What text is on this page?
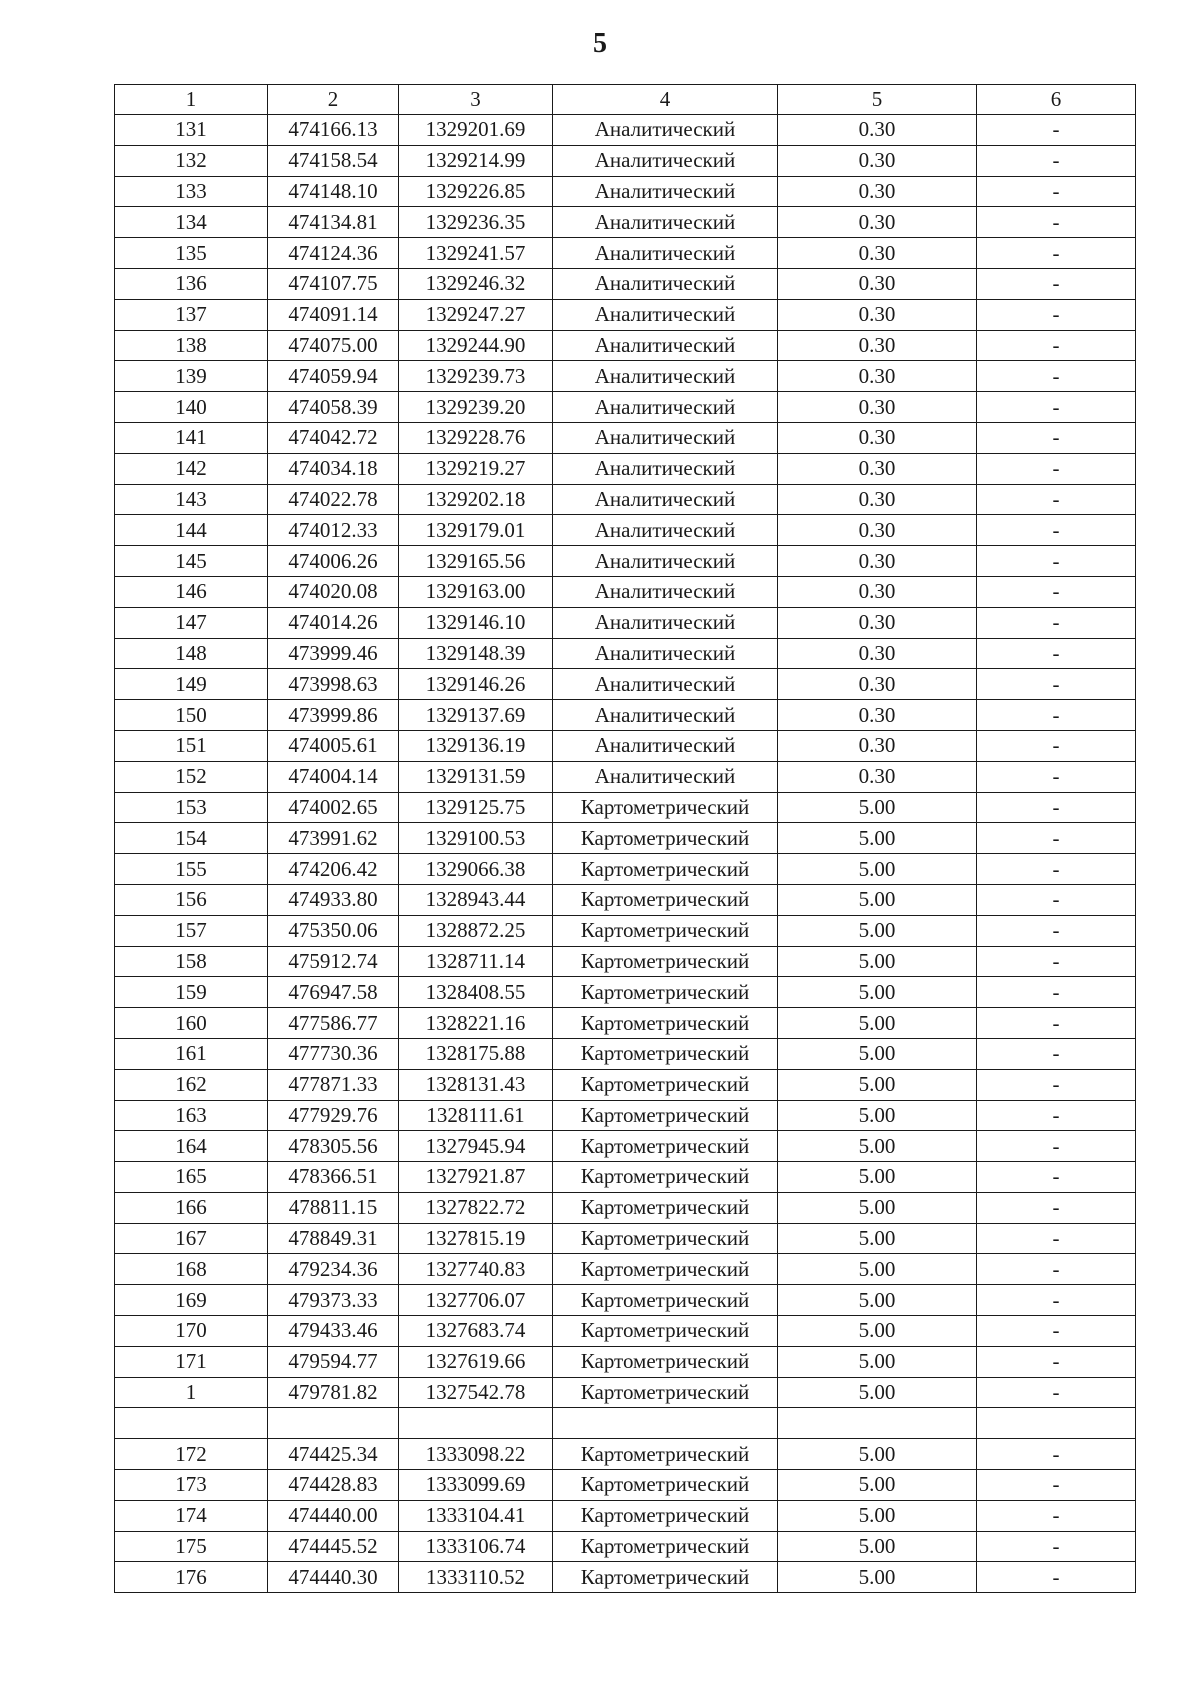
5
1	2	3	4	5	6
131	474166.13	1329201.69	Аналитический	0.30	-
132	474158.54	1329214.99	Аналитический	0.30	-
133	474148.10	1329226.85	Аналитический	0.30	-
134	474134.81	1329236.35	Аналитический	0.30	-
135	474124.36	1329241.57	Аналитический	0.30	-
136	474107.75	1329246.32	Аналитический	0.30	-
137	474091.14	1329247.27	Аналитический	0.30	-
138	474075.00	1329244.90	Аналитический	0.30	-
139	474059.94	1329239.73	Аналитический	0.30	-
140	474058.39	1329239.20	Аналитический	0.30	-
141	474042.72	1329228.76	Аналитический	0.30	-
142	474034.18	1329219.27	Аналитический	0.30	-
143	474022.78	1329202.18	Аналитический	0.30	-
144	474012.33	1329179.01	Аналитический	0.30	-
145	474006.26	1329165.56	Аналитический	0.30	-
146	474020.08	1329163.00	Аналитический	0.30	-
147	474014.26	1329146.10	Аналитический	0.30	-
148	473999.46	1329148.39	Аналитический	0.30	-
149	473998.63	1329146.26	Аналитический	0.30	-
150	473999.86	1329137.69	Аналитический	0.30	-
151	474005.61	1329136.19	Аналитический	0.30	-
152	474004.14	1329131.59	Аналитический	0.30	-
153	474002.65	1329125.75	Картометрический	5.00	-
154	473991.62	1329100.53	Картометрический	5.00	-
155	474206.42	1329066.38	Картометрический	5.00	-
156	474933.80	1328943.44	Картометрический	5.00	-
157	475350.06	1328872.25	Картометрический	5.00	-
158	475912.74	1328711.14	Картометрический	5.00	-
159	476947.58	1328408.55	Картометрический	5.00	-
160	477586.77	1328221.16	Картометрический	5.00	-
161	477730.36	1328175.88	Картометрический	5.00	-
162	477871.33	1328131.43	Картометрический	5.00	-
163	477929.76	1328111.61	Картометрический	5.00	-
164	478305.56	1327945.94	Картометрический	5.00	-
165	478366.51	1327921.87	Картометрический	5.00	-
166	478811.15	1327822.72	Картометрический	5.00	-
167	478849.31	1327815.19	Картометрический	5.00	-
168	479234.36	1327740.83	Картометрический	5.00	-
169	479373.33	1327706.07	Картометрический	5.00	-
170	479433.46	1327683.74	Картометрический	5.00	-
171	479594.77	1327619.66	Картометрический	5.00	-
1	479781.82	1327542.78	Картометрический	5.00	-

172	474425.34	1333098.22	Картометрический	5.00	-
173	474428.83	1333099.69	Картометрический	5.00	-
174	474440.00	1333104.41	Картометрический	5.00	-
175	474445.52	1333106.74	Картометрический	5.00	-
176	474440.30	1333110.52	Картометрический	5.00	-
